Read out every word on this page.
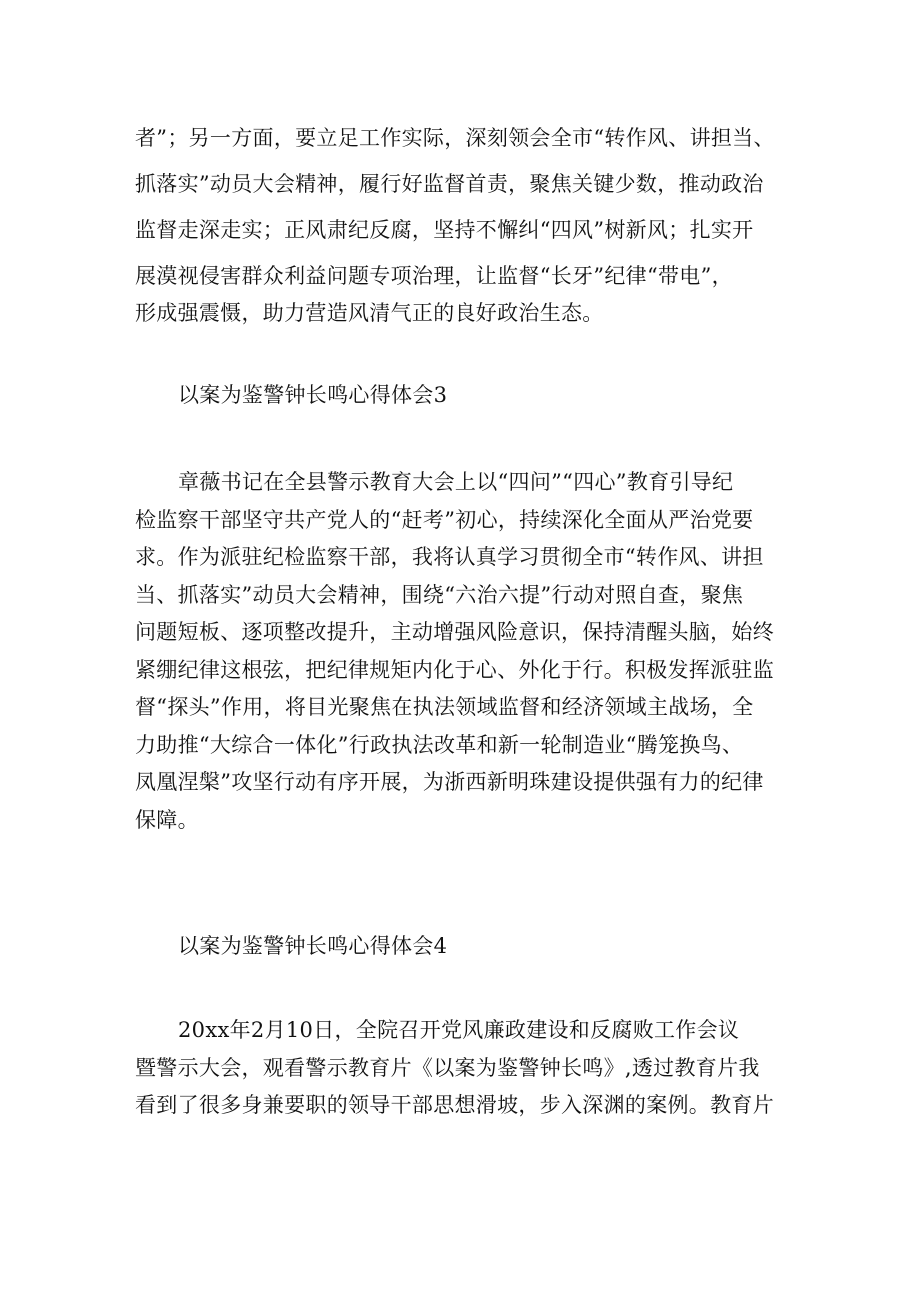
者”；另一方面，要立足工作实际，深刻领会全市“转作风、讲担当、
抓落实”动员大会精神，履行好监督首责，聚焦关键少数，推动政治
监督走深走实；正风肃纪反腐，坚持不懈纠“四风”树新风；扎实开
展漠视侵害群众利益问题专项治理，让监督“长牙”纪律“带电”，
形成强震慑，助力营造风清气正的良好政治生态。
以案为鉴警钟长鸣心得体会3
章薇书记在全县警示教育大会上以“四问”“四心”教育引导纪
检监察干部坚守共产党人的“赶考”初心，持续深化全面从严治党要
求。作为派驻纪检监察干部，我将认真学习贯彻全市“转作风、讲担
当、抓落实”动员大会精神，围绕“六治六提”行动对照自查，聚焦
问题短板、逐项整改提升，主动增强风险意识，保持清醒头脑，始终
紧绷纪律这根弦，把纪律规矩内化于心、外化于行。积极发挥派驻监
督“探头”作用，将目光聚焦在执法领域监督和经济领域主战场，全
力助推“大综合一体化”行政执法改革和新一轮制造业“腾笼换鸟、
凤凰涅槃”攻坚行动有序开展，为浙西新明珠建设提供强有力的纪律
保障。
以案为鉴警钟长鸣心得体会4
20xx年2月10日，全院召开党风廉政建设和反腐败工作会议
暨警示大会，观看警示教育片《以案为鉴警钟长鸣》,透过教育片我
看到了很多身兼要职的领导干部思想滑坡，步入深渊的案例。教育片
